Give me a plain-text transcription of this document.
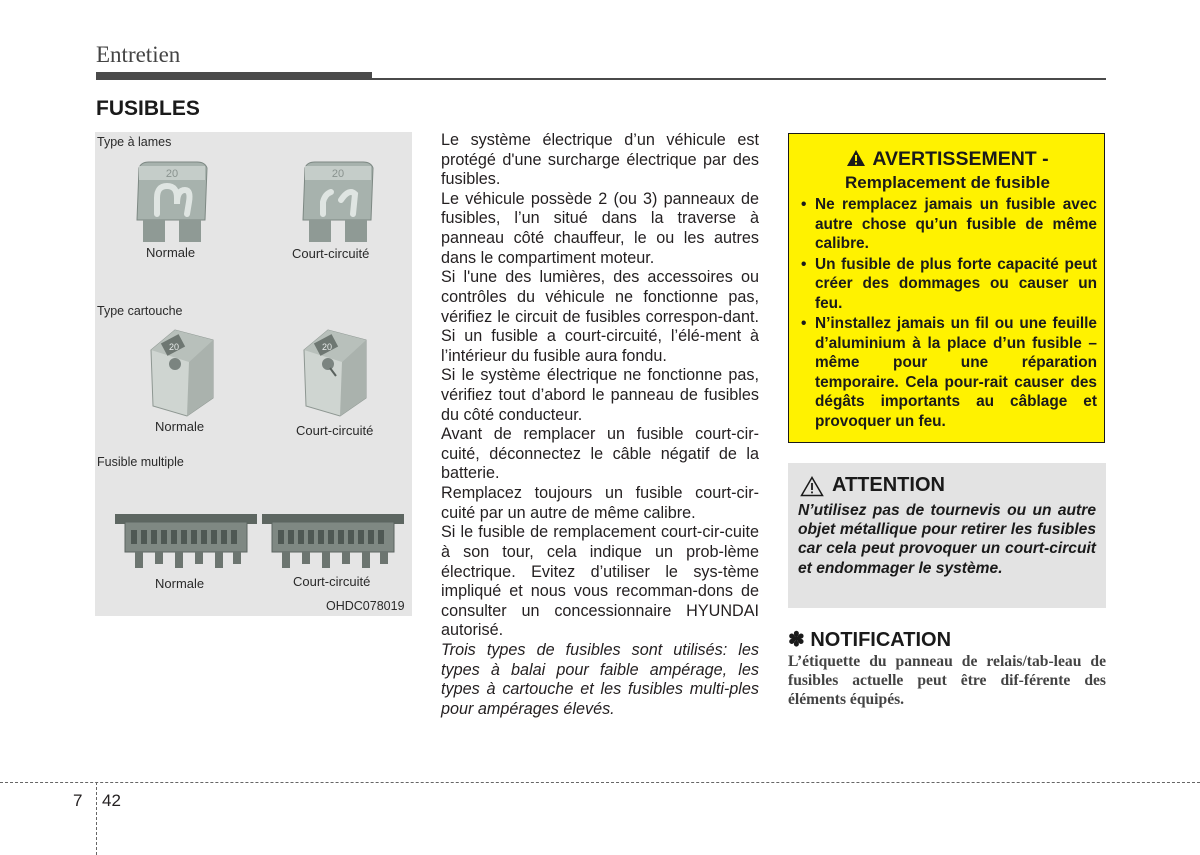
Entretien
FUSIBLES
Type à lames
20	20
Normale	Court-circuité
Type cartouche
20	20
Normale	Court-circuité
Fusible multiple
Normale	Court-circuité
OHDC078019

Le système électrique d’un véhicule est protégé d'une surcharge électrique par des fusibles.

Le véhicule possède 2 (ou 3) panneaux de fusibles, l’un situé dans la traverse à panneau côté chauffeur, le ou les autres dans le compartiment moteur.

Si l'une des lumières, des accessoires ou contrôles du véhicule ne fonctionne pas, vérifiez le circuit de fusibles correspon-dant. Si un fusible a court-circuité, l’élé-ment à l’intérieur du fusible aura fondu.

Si le système électrique ne fonctionne pas, vérifiez tout d’abord le panneau de fusibles du côté conducteur.

Avant de remplacer un fusible court-cir-cuité, déconnectez le câble négatif de la batterie.

Remplacez toujours un fusible court-cir-cuité par un autre de même calibre.

Si le fusible de remplacement court-cir-cuite à son tour, cela indique un prob-lème électrique. Evitez d’utiliser le sys-tème impliqué et nous vous recomman-dons de consulter un concessionnaire HYUNDAI autorisé.

Trois types de fusibles sont utilisés: les types à balai pour faible ampérage, les types à cartouche et les fusibles multi-ples pour ampérages élevés.

AVERTISSEMENT -
Remplacement de fusible
• Ne remplacez jamais un fusible avec autre chose qu’un fusible de même calibre.
• Un fusible de plus forte capacité peut créer des dommages ou causer un feu.
• N’installez jamais un fil ou une feuille d’aluminium à la place d’un fusible – même pour une réparation temporaire. Cela pour-rait causer des dégâts importants au câblage et provoquer un feu.
ATTENTION
N’utilisez pas de tournevis ou un autre objet métallique pour retirer les fusibles car cela peut provoquer un court-circuit et endommager le système.
✽ NOTIFICATION
L’étiquette du panneau de relais/tab-leau de fusibles actuelle peut être dif-férente des éléments équipés.
7 42
